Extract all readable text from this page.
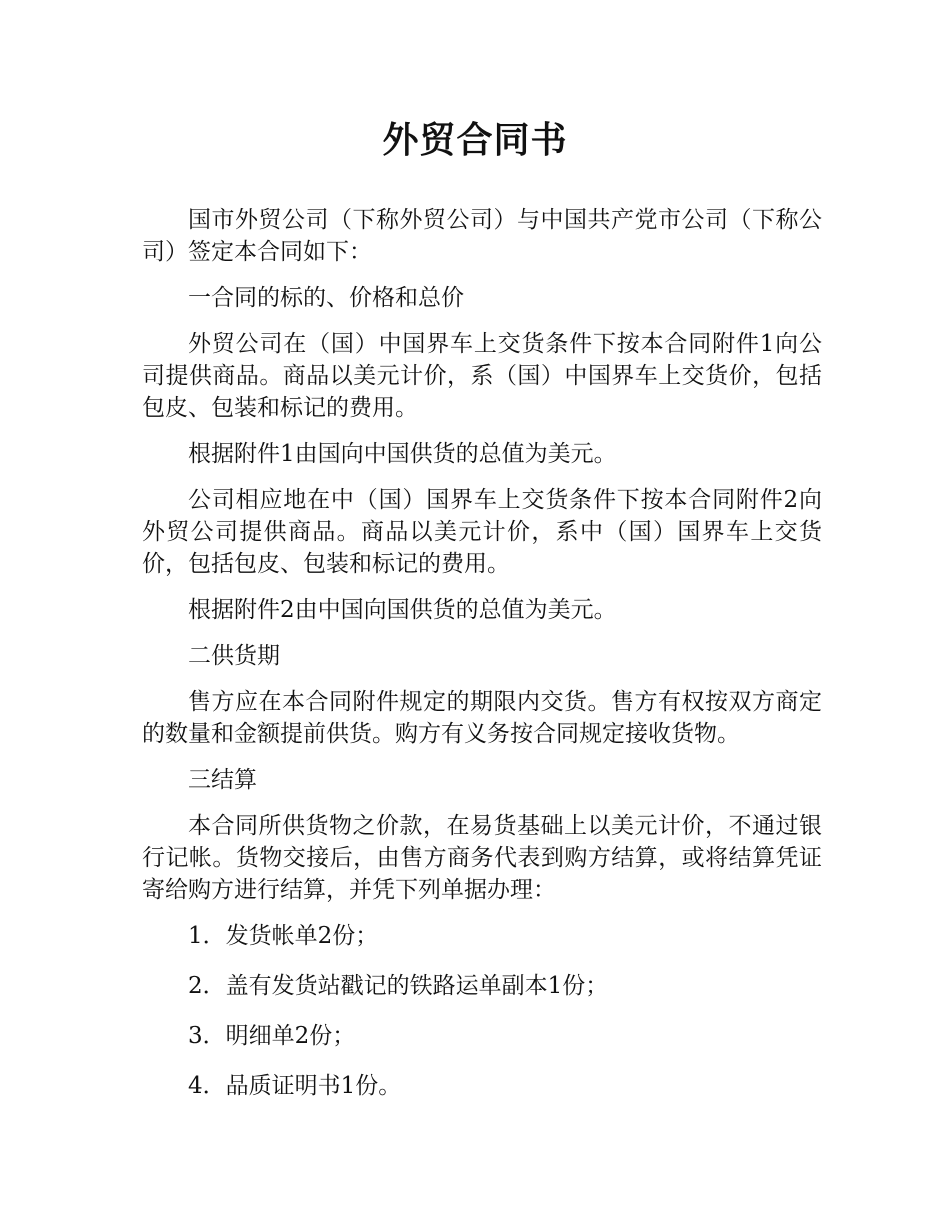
外贸合同书

国市外贸公司（下称外贸公司）与中国共产党市公司（下称公司）签定本合同如下：

一合同的标的、价格和总价

外贸公司在（国）中国界车上交货条件下按本合同附件1向公司提供商品。商品以美元计价，系（国）中国界车上交货价，包括包皮、包装和标记的费用。

根据附件1由国向中国供货的总值为美元。

公司相应地在中（国）国界车上交货条件下按本合同附件2向外贸公司提供商品。商品以美元计价，系中（国）国界车上交货价，包括包皮、包装和标记的费用。

根据附件2由中国向国供货的总值为美元。

二供货期

售方应在本合同附件规定的期限内交货。售方有权按双方商定的数量和金额提前供货。购方有义务按合同规定接收货物。

三结算

本合同所供货物之价款，在易货基础上以美元计价，不通过银行记帐。货物交接后，由售方商务代表到购方结算，或将结算凭证寄给购方进行结算，并凭下列单据办理：

1．发货帐单2份；
2．盖有发货站戳记的铁路运单副本1份；
3．明细单2份；
4．品质证明书1份。
